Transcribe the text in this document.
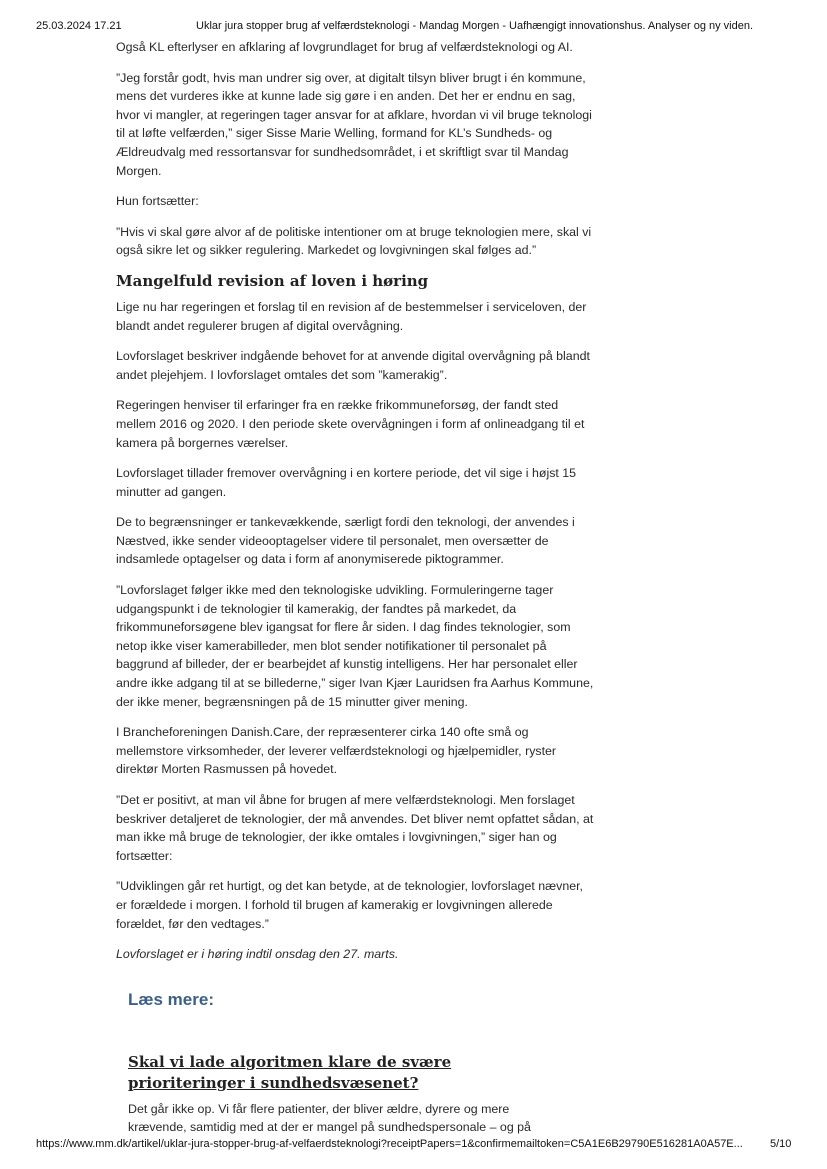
25.03.2024 17.21	Uklar jura stopper brug af velfærdsteknologi - Mandag Morgen - Uafhængigt innovationshus. Analyser og ny viden.

Også KL efterlyser en afklaring af lovgrundlaget for brug af velfærdsteknologi og AI.

”Jeg forstår godt, hvis man undrer sig over, at digitalt tilsyn bliver brugt i én kommune, mens det vurderes ikke at kunne lade sig gøre i en anden. Det her er endnu en sag, hvor vi mangler, at regeringen tager ansvar for at afklare, hvordan vi vil bruge teknologi til at løfte velfærden,” siger Sisse Marie Welling, formand for KL’s Sundheds- og Ældreudvalg med ressortansvar for sundhedsområdet, i et skriftligt svar til Mandag Morgen.

Hun fortsætter:

”Hvis vi skal gøre alvor af de politiske intentioner om at bruge teknologien mere, skal vi også sikre let og sikker regulering. Markedet og lovgivningen skal følges ad.”

Mangelfuld revision af loven i høring

Lige nu har regeringen et forslag til en revision af de bestemmelser i serviceloven, der blandt andet regulerer brugen af digital overvågning.

Lovforslaget beskriver indgående behovet for at anvende digital overvågning på blandt andet plejehjem. I lovforslaget omtales det som ”kamerakig”.

Regeringen henviser til erfaringer fra en række frikommuneforsøg, der fandt sted mellem 2016 og 2020. I den periode skete overvågningen i form af onlineadgang til et kamera på borgernes værelser.

Lovforslaget tillader fremover overvågning i en kortere periode, det vil sige i højst 15 minutter ad gangen.

De to begrænsninger er tankevækkende, særligt fordi den teknologi, der anvendes i Næstved, ikke sender videooptagelser videre til personalet, men oversætter de indsamlede optagelser og data i form af anonymiserede piktogrammer.

”Lovforslaget følger ikke med den teknologiske udvikling. Formuleringerne tager udgangspunkt i de teknologier til kamerakig, der fandtes på markedet, da frikommuneforsøgene blev igangsat for flere år siden. I dag findes teknologier, som netop ikke viser kamerabilleder, men blot sender notifikationer til personalet på baggrund af billeder, der er bearbejdet af kunstig intelligens. Her har personalet eller andre ikke adgang til at se billederne,” siger Ivan Kjær Lauridsen fra Aarhus Kommune, der ikke mener, begrænsningen på de 15 minutter giver mening.

I Brancheforeningen Danish.Care, der repræsenterer cirka 140 ofte små og mellemstore virksomheder, der leverer velfærdsteknologi og hjælpemidler, ryster direktør Morten Rasmussen på hovedet.

”Det er positivt, at man vil åbne for brugen af mere velfærdsteknologi. Men forslaget beskriver detaljeret de teknologier, der må anvendes. Det bliver nemt opfattet sådan, at man ikke må bruge de teknologier, der ikke omtales i lovgivningen,” siger han og fortsætter:

”Udviklingen går ret hurtigt, og det kan betyde, at de teknologier, lovforslaget nævner, er forældede i morgen. I forhold til brugen af kamerakig er lovgivningen allerede forældet, før den vedtages.”

Lovforslaget er i høring indtil onsdag den 27. marts.

Læs mere:
Skal vi lade algoritmen klare de svære prioriteringer i sundhedsvæsenet?

Det går ikke op. Vi får flere patienter, der bliver ældre, dyrere og mere krævende, samtidig med at der er mangel på sundhedspersonale – og på

https://www.mm.dk/artikel/uklar-jura-stopper-brug-af-velfaerdsteknologi?receiptPapers=1&confirmemailtoken=C5A1E6B29790E516281A0A57E... 5/10
